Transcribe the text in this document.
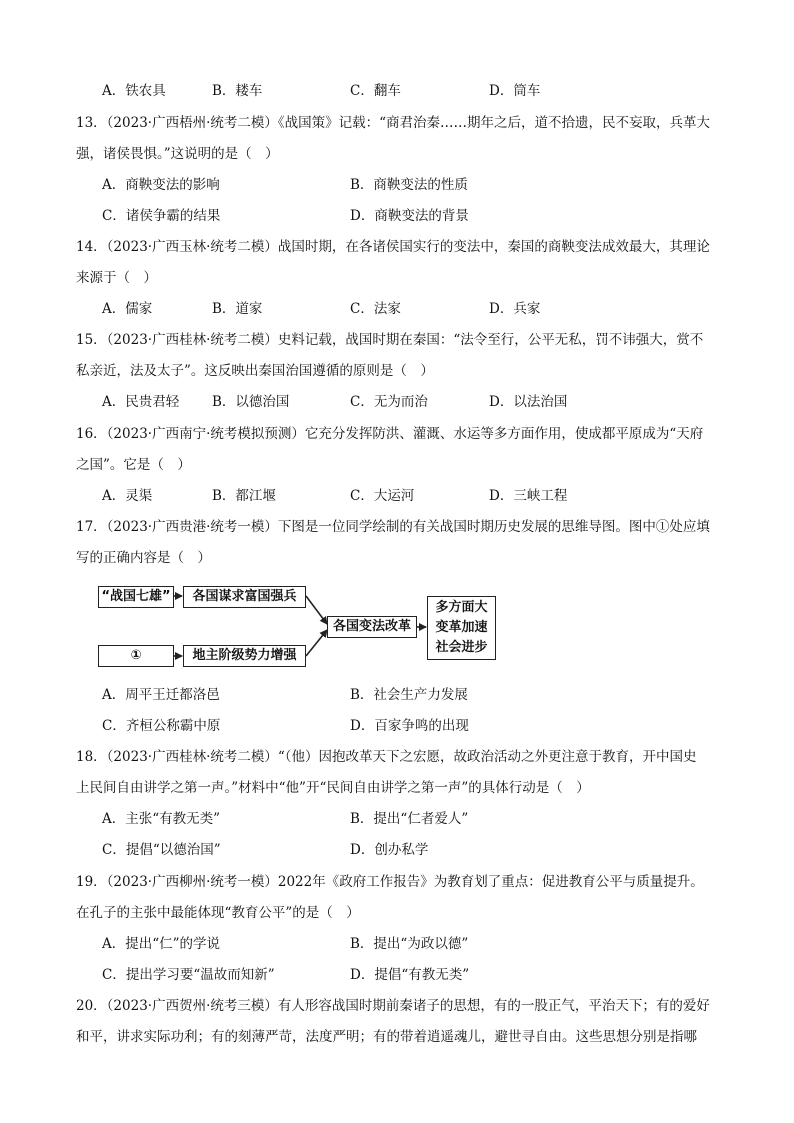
A．铁农具	B．耧车	C．翻车	D．筒车
13．（2023·广西梧州·统考二模）《战国策》记载：“商君治秦……期年之后，道不拾遗，民不妄取，兵革大
强，诸侯畏惧。”这说明的是（　）
A．商鞅变法的影响	B．商鞅变法的性质
C．诸侯争霸的结果	D．商鞅变法的背景
14．（2023·广西玉林·统考二模）战国时期，在各诸侯国实行的变法中，秦国的商鞅变法成效最大，其理论
来源于（　）
A．儒家	B．道家	C．法家	D．兵家
15．（2023·广西桂林·统考二模）史料记载，战国时期在秦国：“法令至行，公平无私，罚不讳强大，赏不
私亲近，法及太子”。这反映出秦国治国遵循的原则是（　）
A．民贵君轻 B．以德治国	C．无为而治	D．以法治国
16．（2023·广西南宁·统考模拟预测）它充分发挥防洪、灌溉、水运等多方面作用，使成都平原成为“天府
之国”。它是（　）
A．灵渠	B．都江堰	C．大运河	D．三峡工程
17．（2023·广西贵港·统考一模）下图是一位同学绘制的有关战国时期历史发展的思维导图。图中①处应填
写的正确内容是（　）
“战国七雄”	各国谋求富国强兵
①	地主阶级势力增强
各国变法改革
多方面大
变革加速
社会进步
A．周平王迁都洛邑	B．社会生产力发展
C．齐桓公称霸中原	D．百家争鸣的出现
18．（2023·广西桂林·统考二模）“（他）因抱改革天下之宏愿，故政治活动之外更注意于教育，开中国史
上民间自由讲学之第一声。”材料中“他”开“民间自由讲学之第一声”的具体行动是（　）
A．主张“有教无类”	B．提出“仁者爱人”
C．提倡“以德治国”	D．创办私学
19．（2023·广西柳州·统考一模）2022年《政府工作报告》为教育划了重点：促进教育公平与质量提升。
在孔子的主张中最能体现“教育公平”的是（　）
A．提出“仁”的学说	B．提出“为政以德”
C．提出学习要“温故而知新”	D．提倡“有教无类”
20．（2023·广西贺州·统考三模）有人形容战国时期前秦诸子的思想，有的一股正气，平治天下；有的爱好
和平，讲求实际功利；有的刻薄严苛，法度严明；有的带着逍遥魂儿，避世寻自由。这些思想分别是指哪
